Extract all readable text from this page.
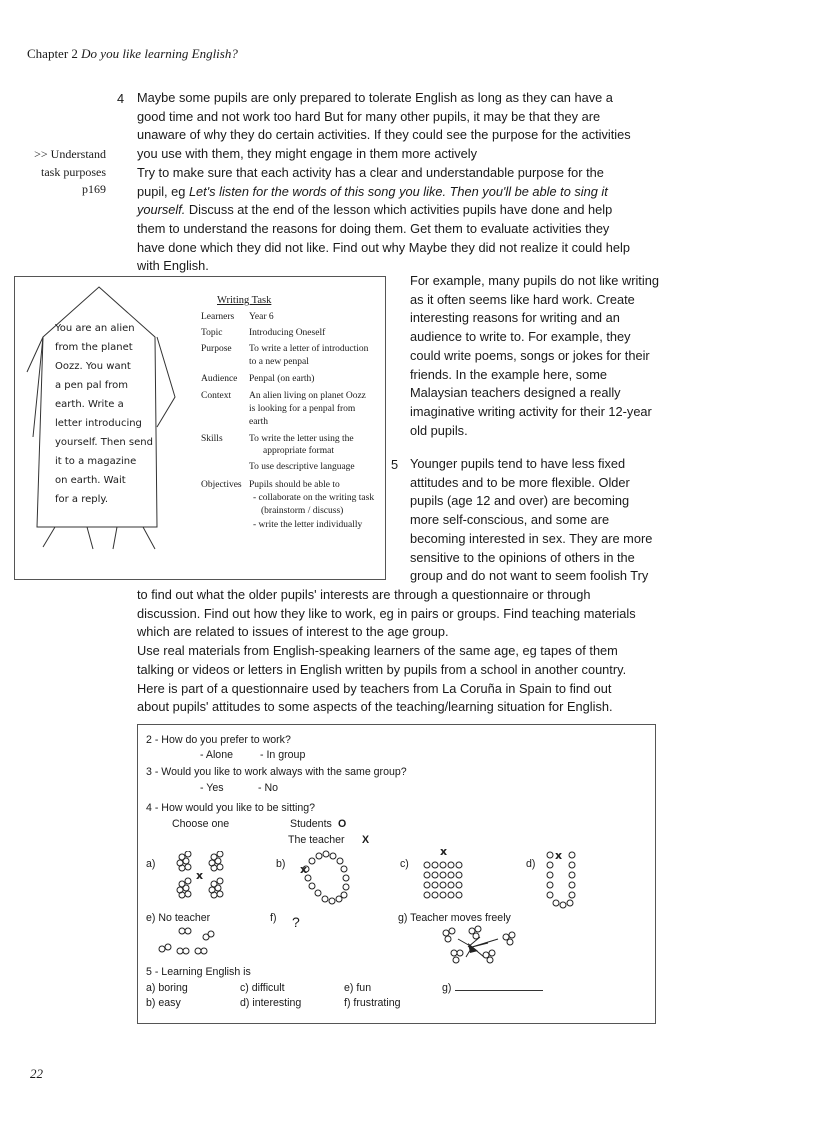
Chapter 2 Do you like learning English?
>> Understand
task purposes
p169
4 Maybe some pupils are only prepared to tolerate English as long as they can have a
good time and not work too hard But for many other pupils, it may be that they are
unaware of why they do certain activities. If they could see the purpose for the activities
you use with them, they might engage in them more actively
Try to make sure that each activity has a clear and understandable purpose for the
pupil, eg Let's listen for the words of this song you like. Then you'll be able to sing it
yourself. Discuss at the end of the lesson which activities pupils have done and help
them to understand the reasons for doing them. Get them to evaluate activities they
have done which they did not like. Find out why Maybe they did not realize it could help
with English.
You are an alien
from the planet
Oozz. You want
a pen pal from
earth. Write a
letter introducing
yourself. Then send
it to a magazine
on earth. Wait
for a reply.
Writing Task
Learners Year 6
Topic	Introducing Oneself
Purpose To write a letter of introduction
to a new penpal
Audience Penpal (on earth)
Context An alien living on planet Oozz
is looking for a penpal from
earth
Skills	To write the letter using the
appropriate format
To use descriptive language
Objectives Pupils should be able to
- collaborate on the writing task
(brainstorm / discuss)
- write the letter individually
For example, many pupils do not like writing
as it often seems like hard work. Create
interesting reasons for writing and an
audience to write to. For example, they
could write poems, songs or jokes for their
friends. In the example here, some
Malaysian teachers designed a really
imaginative writing activity for their 12-year
old pupils.
5 Younger pupils tend to have less fixed
attitudes and to be more flexible. Older
pupils (age 12 and over) are becoming
more self-conscious, and some are
becoming interested in sex. They are more
sensitive to the opinions of others in the
group and do not want to seem foolish Try
to find out what the older pupils' interests are through a questionnaire or through
discussion. Find out how they like to work, eg in pairs or groups. Find teaching materials
which are related to issues of interest to the age group.
Use real materials from English-speaking learners of the same age, eg tapes of them
talking or videos or letters in English written by pupils from a school in another country.
Here is part of a questionnaire used by teachers from La Coruña in Spain to find out
about pupils' attitudes to some aspects of the teaching/learning situation for English.
2 - How do you prefer to work?
- Alone	- In group
3 - Would you like to work always with the same group?
- Yes	- No
4 - How would you like to be sitting?
Choose one	Students O
The teacher X
a)	b)	c)	d)
x	x
x	x
e) No teacher	f) ?	g) Teacher moves freely
5 - Learning English is
a) boring	c) difficult	e) fun	g)
b) easy	d) interesting	f) frustrating
22
